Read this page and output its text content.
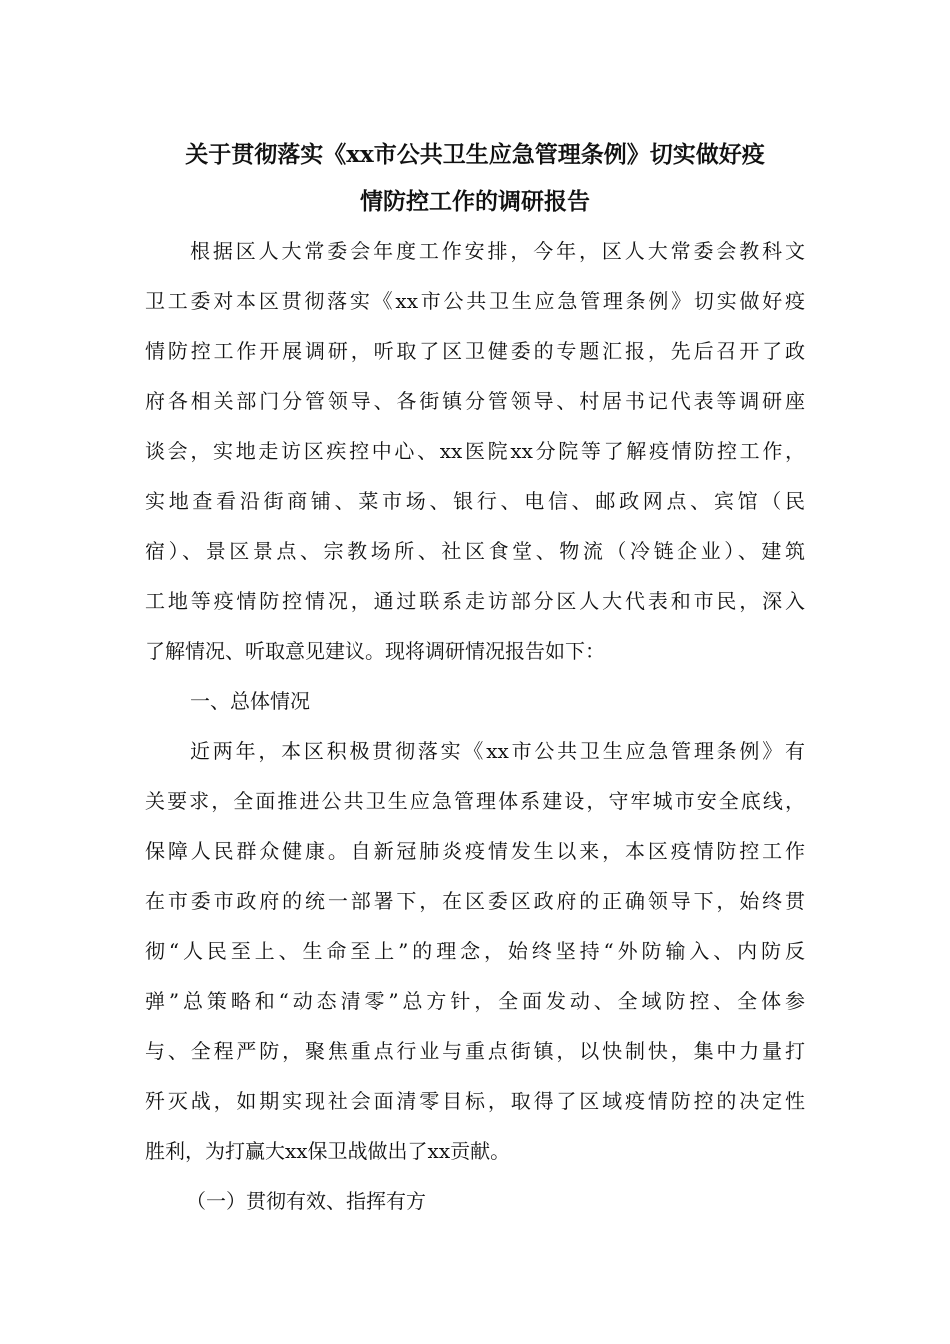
关于贯彻落实《xx市公共卫生应急管理条例》切实做好疫
情防控工作的调研报告
根据区人大常委会年度工作安排，今年，区人大常委会教科文
卫工委对本区贯彻落实《xx市公共卫生应急管理条例》切实做好疫
情防控工作开展调研，听取了区卫健委的专题汇报，先后召开了政
府各相关部门分管领导、各街镇分管领导、村居书记代表等调研座
谈会，实地走访区疾控中心、xx医院xx分院等了解疫情防控工作，
实地查看沿街商铺、菜市场、银行、电信、邮政网点、宾馆（民
宿）、景区景点、宗教场所、社区食堂、物流（冷链企业）、建筑
工地等疫情防控情况，通过联系走访部分区人大代表和市民，深入
了解情况、听取意见建议。现将调研情况报告如下：
一、总体情况
近两年，本区积极贯彻落实《xx市公共卫生应急管理条例》有
关要求，全面推进公共卫生应急管理体系建设，守牢城市安全底线，
保障人民群众健康。自新冠肺炎疫情发生以来，本区疫情防控工作
在市委市政府的统一部署下，在区委区政府的正确领导下，始终贯
彻“人民至上、生命至上”的理念，始终坚持“外防输入、内防反
弹”总策略和“动态清零”总方针，全面发动、全域防控、全体参
与、全程严防，聚焦重点行业与重点街镇，以快制快，集中力量打
歼灭战，如期实现社会面清零目标，取得了区域疫情防控的决定性
胜利，为打赢大xx保卫战做出了xx贡献。
（一）贯彻有效、指挥有方
